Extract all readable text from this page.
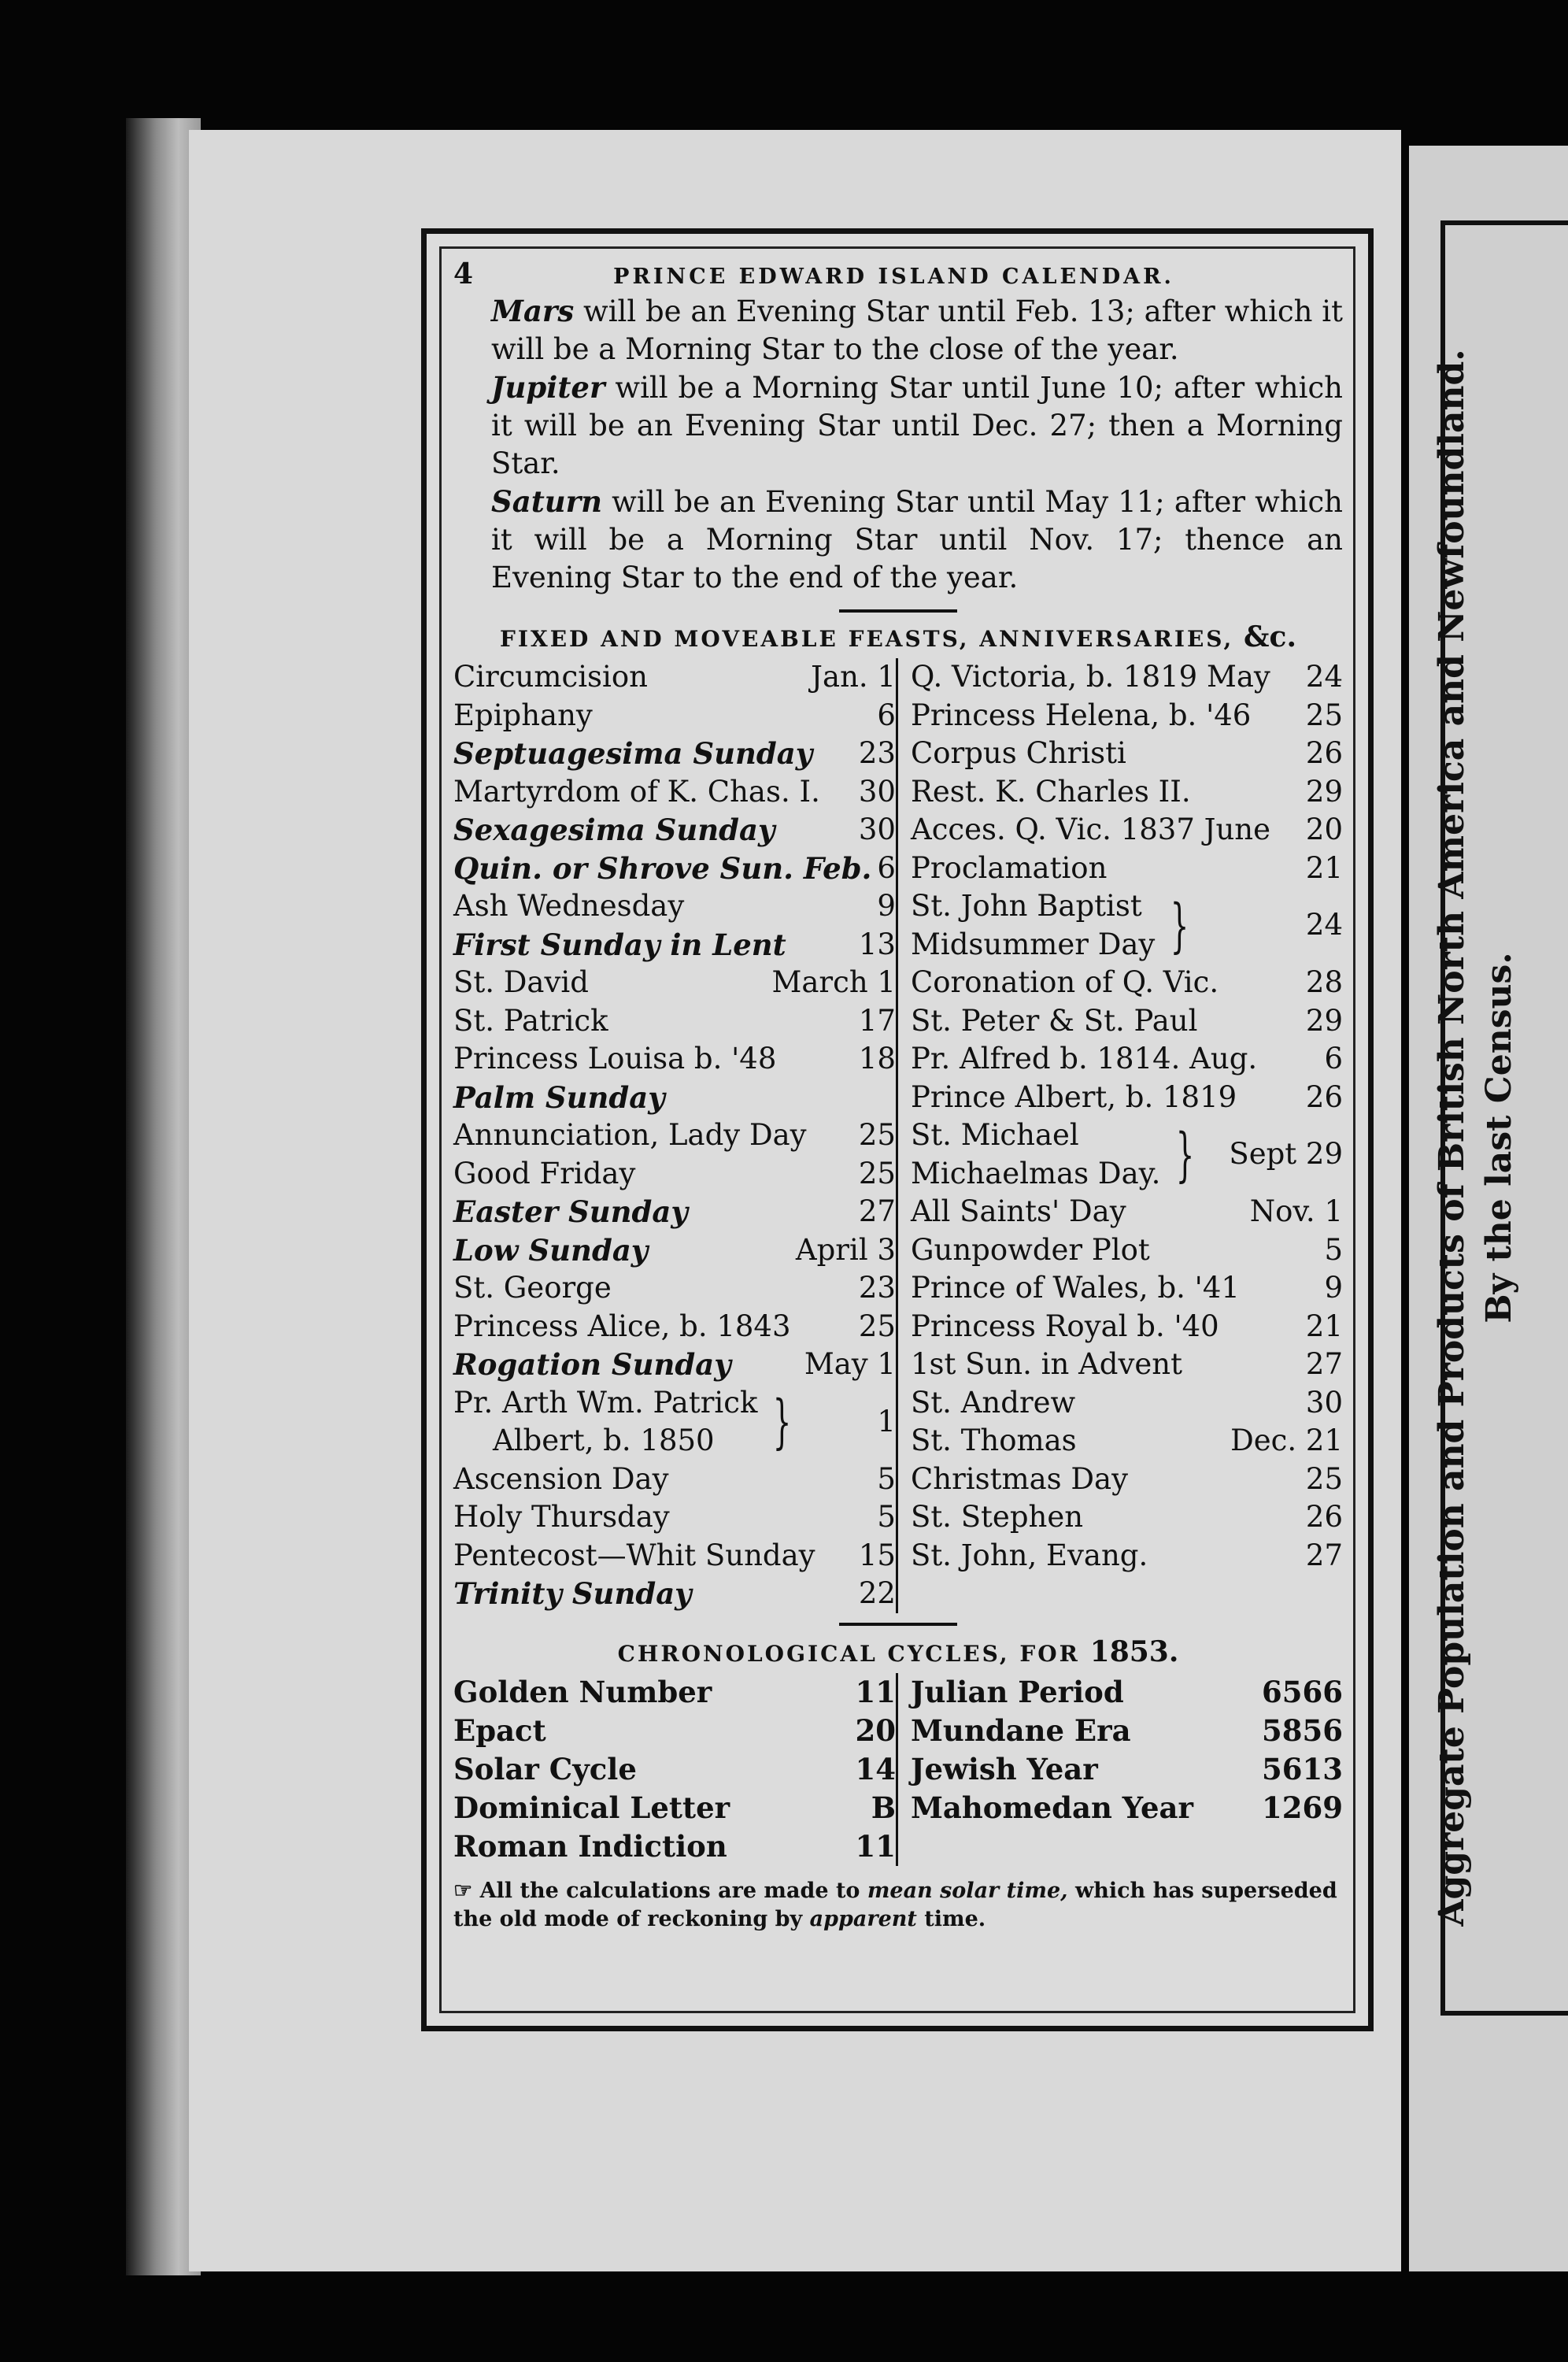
Aggregate Population and Products of British North America and Newfoundland. By the last Census.
4	PRINCE EDWARD ISLAND CALENDAR.
Mars will be an Evening Star until Feb. 13; after which it will be a Morning Star to the close of the year.
Jupiter will be a Morning Star until June 10; after which it will be an Evening Star until Dec. 27; then a Morning Star.
Saturn will be an Evening Star until May 11; after which it will be a Morning Star until Nov. 17; thence an Evening Star to the end of the year.
FIXED AND MOVEABLE FEASTS, ANNIVERSARIES, &c.
Circumcision	Jan. 1
Epiphany	6
Septuagesima Sunday 23
Martyrdom of K. Chas. I. 30
Sexagesima Sunday	30
Quin. or Shrove Sun. Feb. 6
Ash Wednesday	9
First Sunday in Lent 13
St. David	March 1
St. Patrick	17
Princess Louisa b. '48	18
Palm Sunday
Annunciation, Lady Day 25
Good Friday	25
Easter Sunday	27
Low Sunday	April 3
St. George	23
Princess Alice, b. 1843 25
Rogation Sunday	May 1
Pr. Arth Wm. Patrick
Albert, b. 1850	}	1
Ascension Day	5
Holy Thursday	5
Pentecost—Whit Sunday 15
Trinity Sunday	22
Q. Victoria, b. 1819 May 24
Princess Helena, b. '46 25
Corpus Christi	26
Rest. K. Charles II.	29
Acces. Q. Vic. 1837 June 20
Proclamation	21
St. John Baptist
Midsummer Day }	24
Coronation of Q. Vic.	28
St. Peter & St. Paul	29
Pr. Alfred b. 1814. Aug. 6
Prince Albert, b. 1819 26
St. Michael
Michaelmas Day. }	Sept 29
All Saints' Day	Nov. 1
Gunpowder Plot	5
Prince of Wales, b. '41	9
Princess Royal b. '40	21
1st Sun. in Advent	27
St. Andrew	30
St. Thomas	Dec. 21
Christmas Day	25
St. Stephen	26
St. John, Evang.	27
CHRONOLOGICAL CYCLES, FOR 1853.
Golden Number	11
Epact	20
Solar Cycle	14
Dominical Letter	B
Roman Indiction	11
Julian Period	6566
Mundane Era	5856
Jewish Year	5613
Mahomedan Year 1269
☞ All the calculations are made to mean solar time, which has superseded the old mode of reckoning by apparent time.
